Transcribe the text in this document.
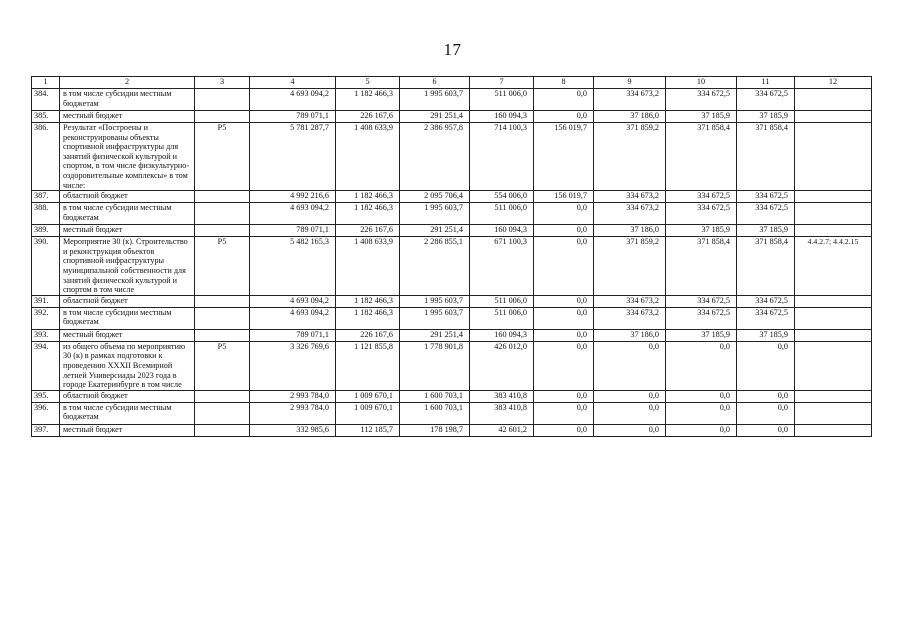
17
1	2	3	4	5	6	7	8	9	10	11	12
384.	в том числе субсидии местным бюджетам		4 693 094,2	1 182 466,3	1 995 603,7	511 006,0	0,0	334 673,2	334 672,5	334 672,5	
385.	местный бюджет		789 071,1	226 167,6	291 251,4	160 094,3	0,0	37 186,0	37 185,9	37 185,9	
386.	Результат «Построены и реконструированы объекты спортивной инфраструктуры для занятий физической культурой и спортом, в том числе физкультурно-оздоровительные комплексы» в том числе:	Р5	5 781 287,7	1 408 633,9	2 386 957,8	714 100,3	156 019,7	371 859,2	371 858,4	371 858,4	
387.	областной бюджет		4 992 216,6	1 182 466,3	2 095 706,4	554 006,0	156 019,7	334 673,2	334 672,5	334 672,5	
388.	в том числе субсидии местным бюджетам		4 693 094,2	1 182 466,3	1 995 603,7	511 006,0	0,0	334 673,2	334 672,5	334 672,5	
389.	местный бюджет		789 071,1	226 167,6	291 251,4	160 094,3	0,0	37 186,0	37 185,9	37 185,9	
390.	Мероприятие 30 (к). Строительство и реконструкция объектов спортивной инфраструктуры муниципальной собственности для занятий физической культурой и спортом в том числе	Р5	5 482 165,3	1 408 633,9	2 286 855,1	671 100,3	0,0	371 859,2	371 858,4	371 858,4	4.4.2.7; 4.4.2.15
391.	областной бюджет		4 693 094,2	1 182 466,3	1 995 603,7	511 006,0	0,0	334 673,2	334 672,5	334 672,5	
392.	в том числе субсидии местным бюджетам		4 693 094,2	1 182 466,3	1 995 603,7	511 006,0	0,0	334 673,2	334 672,5	334 672,5	
393.	местный бюджет		789 071,1	226 167,6	291 251,4	160 094,3	0,0	37 186,0	37 185,9	37 185,9	
394.	из общего объема по мероприятию 30 (к) в рамках подготовки к проведению XXXII Всемирной летней Универсиады 2023 года в городе Екатеринбурге в том числе	Р5	3 326 769,6	1 121 855,8	1 778 901,8	426 012,0	0,0	0,0	0,0	0,0	
395.	областной бюджет		2 993 784,0	1 009 670,1	1 600 703,1	383 410,8	0,0	0,0	0,0	0,0	
396.	в том числе субсидии местным бюджетам		2 993 784,0	1 009 670,1	1 600 703,1	383 410,8	0,0	0,0	0,0	0,0	
397.	местный бюджет		332 985,6	112 185,7	178 198,7	42 601,2	0,0	0,0	0,0	0,0	
